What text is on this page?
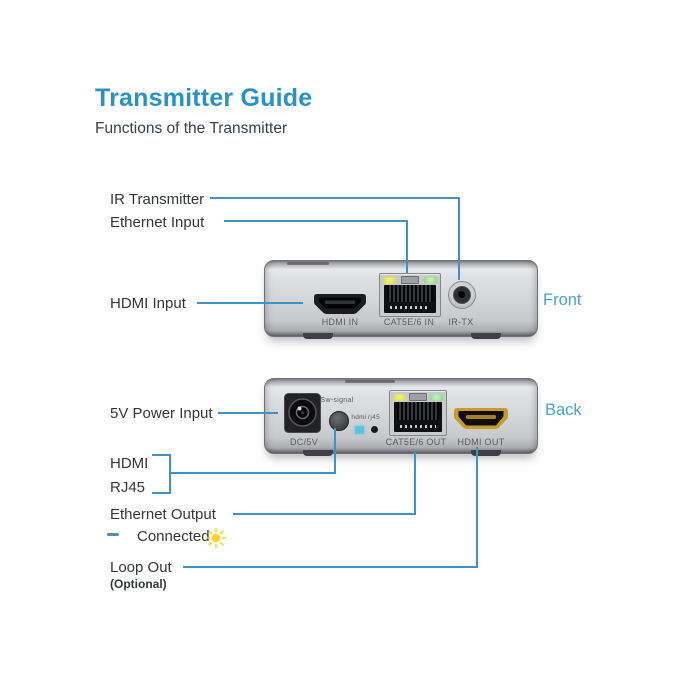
Transmitter Guide
Functions of the Transmitter
IR Transmitter
Ethernet Input
HDMI Input	Front
HDMI IN	CAT5E/6 IN	IR-TX
5V Power Input
HDMI
RJ45
Ethernet Output
Connected
Loop Out
(Optional)
Back
DC/5V
Sw-signal
hdmi rj45
CAT5E/6 OUT	HDMI OUT
